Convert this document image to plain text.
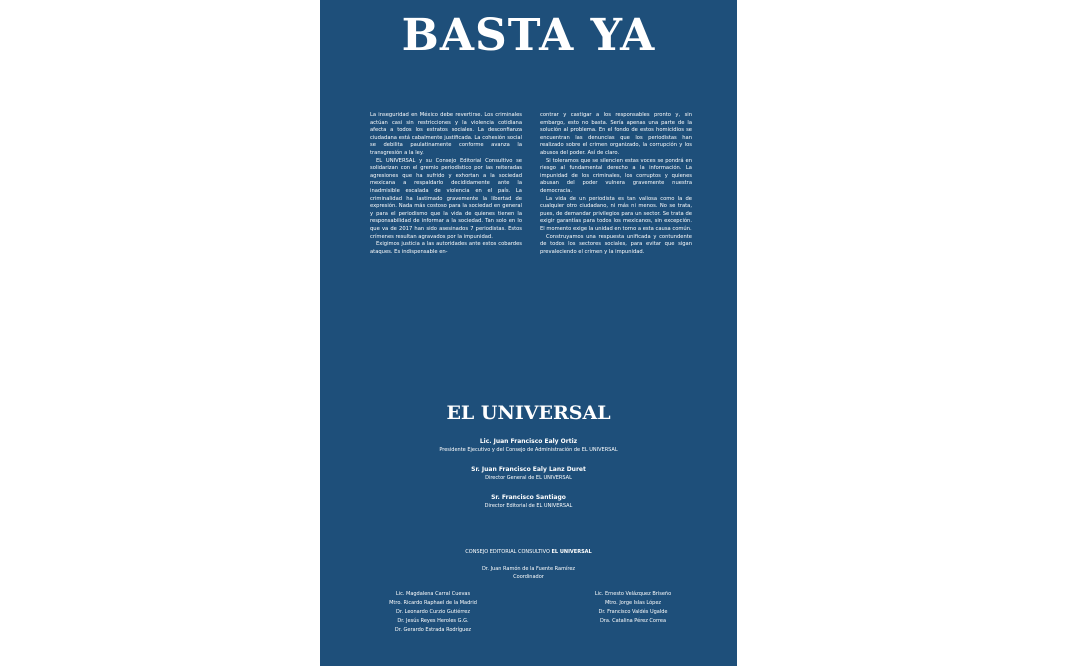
BASTA YA

La inseguridad en México debe revertirse. Los criminales actúan casi sin restricciones y la violencia cotidiana afecta a todos los estratos sociales. La desconfianza ciudadana está cabalmente justificada. La cohesión social se debilita paulatinamente conforme avanza la transgresión a la ley.

EL UNIVERSAL y su Consejo Editorial Consultivo se solidarizan con el gremio periodístico por las reiteradas agresiones que ha sufrido y exhortan a la sociedad mexicana a respaldarlo decididamente ante la inadmisible escalada de violencia en el país. La criminalidad ha lastimado gravemente la libertad de expresión. Nada más costoso para la sociedad en general y para el periodismo que la vida de quienes tienen la responsabilidad de informar a la sociedad. Tan solo en lo que va de 2017 han sido asesinados 7 periodistas. Estos crímenes resultan agravados por la impunidad.

Exigimos justicia a las autoridades ante estos cobardes ataques. Es indispensable en-

contrar y castigar a los responsables pronto y, sin embargo, esto no basta. Sería apenas una parte de la solución al problema. En el fondo de estos homicidios se encuentran las denuncias que los periodistas han realizado sobre el crimen organizado, la corrupción y los abusos del poder. Así de claro.

Si toleramos que se silencien estas voces se pondrá en riesgo al fundamental derecho a la información. La impunidad de los criminales, los corruptos y quienes abusan del poder vulnera gravemente nuestra democracia.

La vida de un periodista es tan valiosa como la de cualquier otro ciudadano, ni más ni menos. No se trata, pues, de demandar privilegios para un sector. Se trata de exigir garantías para todos los mexicanos, sin excepción. El momento exige la unidad en torno a esta causa común.

Construyamos una respuesta unificada y contundente de todos los sectores sociales, para evitar que sigan prevaleciendo el crimen y la impunidad.

EL UNIVERSAL
Lic. Juan Francisco Ealy Ortiz
Presidente Ejecutivo y del Consejo de Administración de EL UNIVERSAL
Sr. Juan Francisco Ealy Lanz Duret
Director General de EL UNIVERSAL
Sr. Francisco Santiago
Director Editorial de EL UNIVERSAL
CONSEJO EDITORIAL CONSULTIVO EL UNIVERSAL
Dr. Juan Ramón de la Fuente Ramírez
Coordinador
Lic. Magdalena Carral Cuevas
Mtro. Ricardo Raphael de la Madrid
Dr. Leonardo Curzio Gutiérrez
Dr. Jesús Reyes Heroles G.G.
Dr. Gerardo Estrada Rodríguez
Lic. Ernesto Velázquez Briseño
Mtro. Jorge Islas López
Dr. Francisco Valdés Ugalde
Dra. Catalina Pérez Correa
